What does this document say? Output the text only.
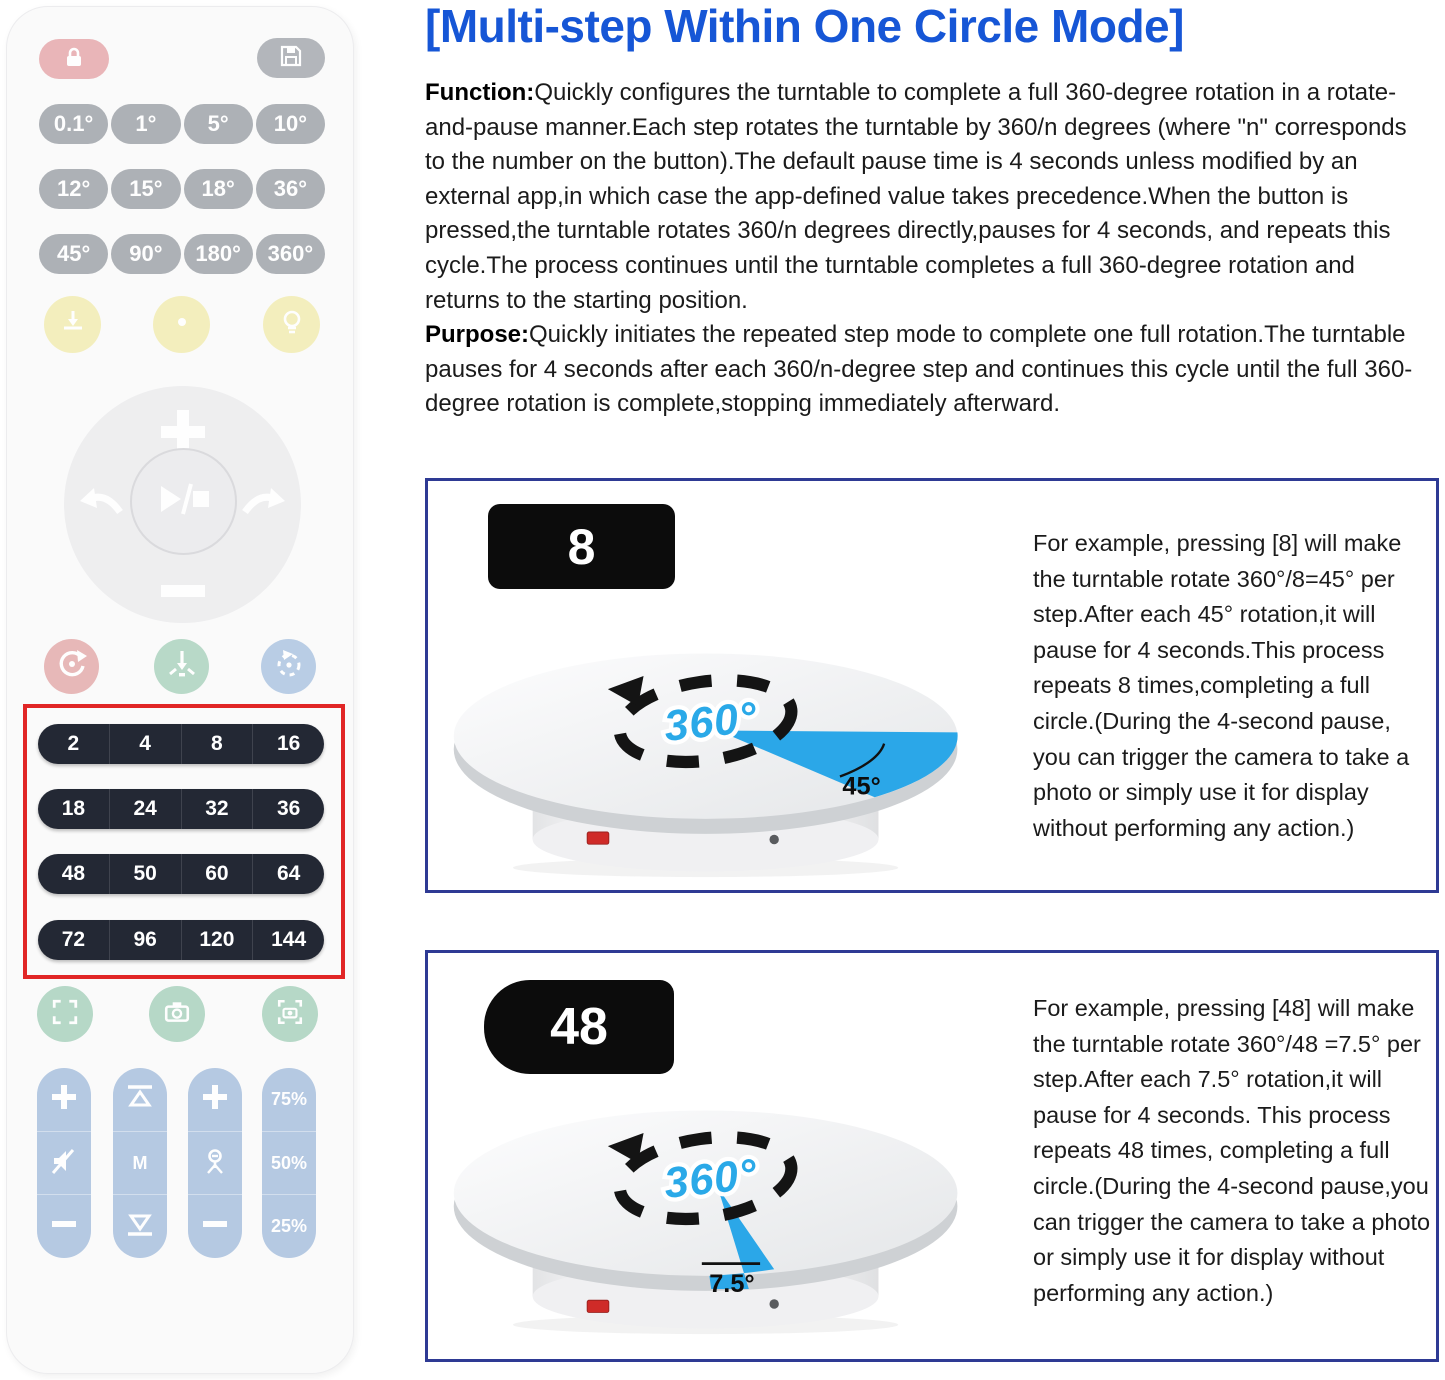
0.1°	1°	5°	10°
12°	15°	18°	36°
45°	90°	180°	360°
2	4	8	16
18	24	32	36
48	50	60	64
72	96	120	144
M
75%
50%
25%
[Multi-step Within One Circle Mode]
Function:Quickly configures the turntable to complete a full 360-degree rotation in a rotate-and-pause manner.Each step rotates the turntable by 360/n degrees (where "n" corresponds to the number on the button).The default pause time is 4 seconds unless modified by an external app,in which case the app-defined value takes precedence.When the button is pressed,the turntable rotates 360/n degrees directly,pauses for 4 seconds, and repeats this cycle.The process continues until the turntable completes a full 360-degree rotation and returns to the starting position.
Purpose:Quickly initiates the repeated step mode to complete one full rotation.The turntable pauses for 4 seconds after each 360/n-degree step and continues this cycle until the full 360-degree rotation is complete,stopping immediately afterward.
8
360°
45°
For example, pressing [8] will make the turntable rotate 360°/8=45° per step.After each 45° rotation,it will pause for 4 seconds.This process repeats 8 times,completing a full circle.(During the 4-second pause, you can trigger the camera to take a photo or simply use it for display without performing any action.)
48
360°
7.5°
For example, pressing [48] will make the turntable rotate 360°/48 =7.5° per step.After each 7.5° rotation,it will pause for 4 seconds. This process repeats 48 times, completing a full circle.(During the 4-second pause,you can trigger the camera to take a photo or simply use it for display without performing any action.)
